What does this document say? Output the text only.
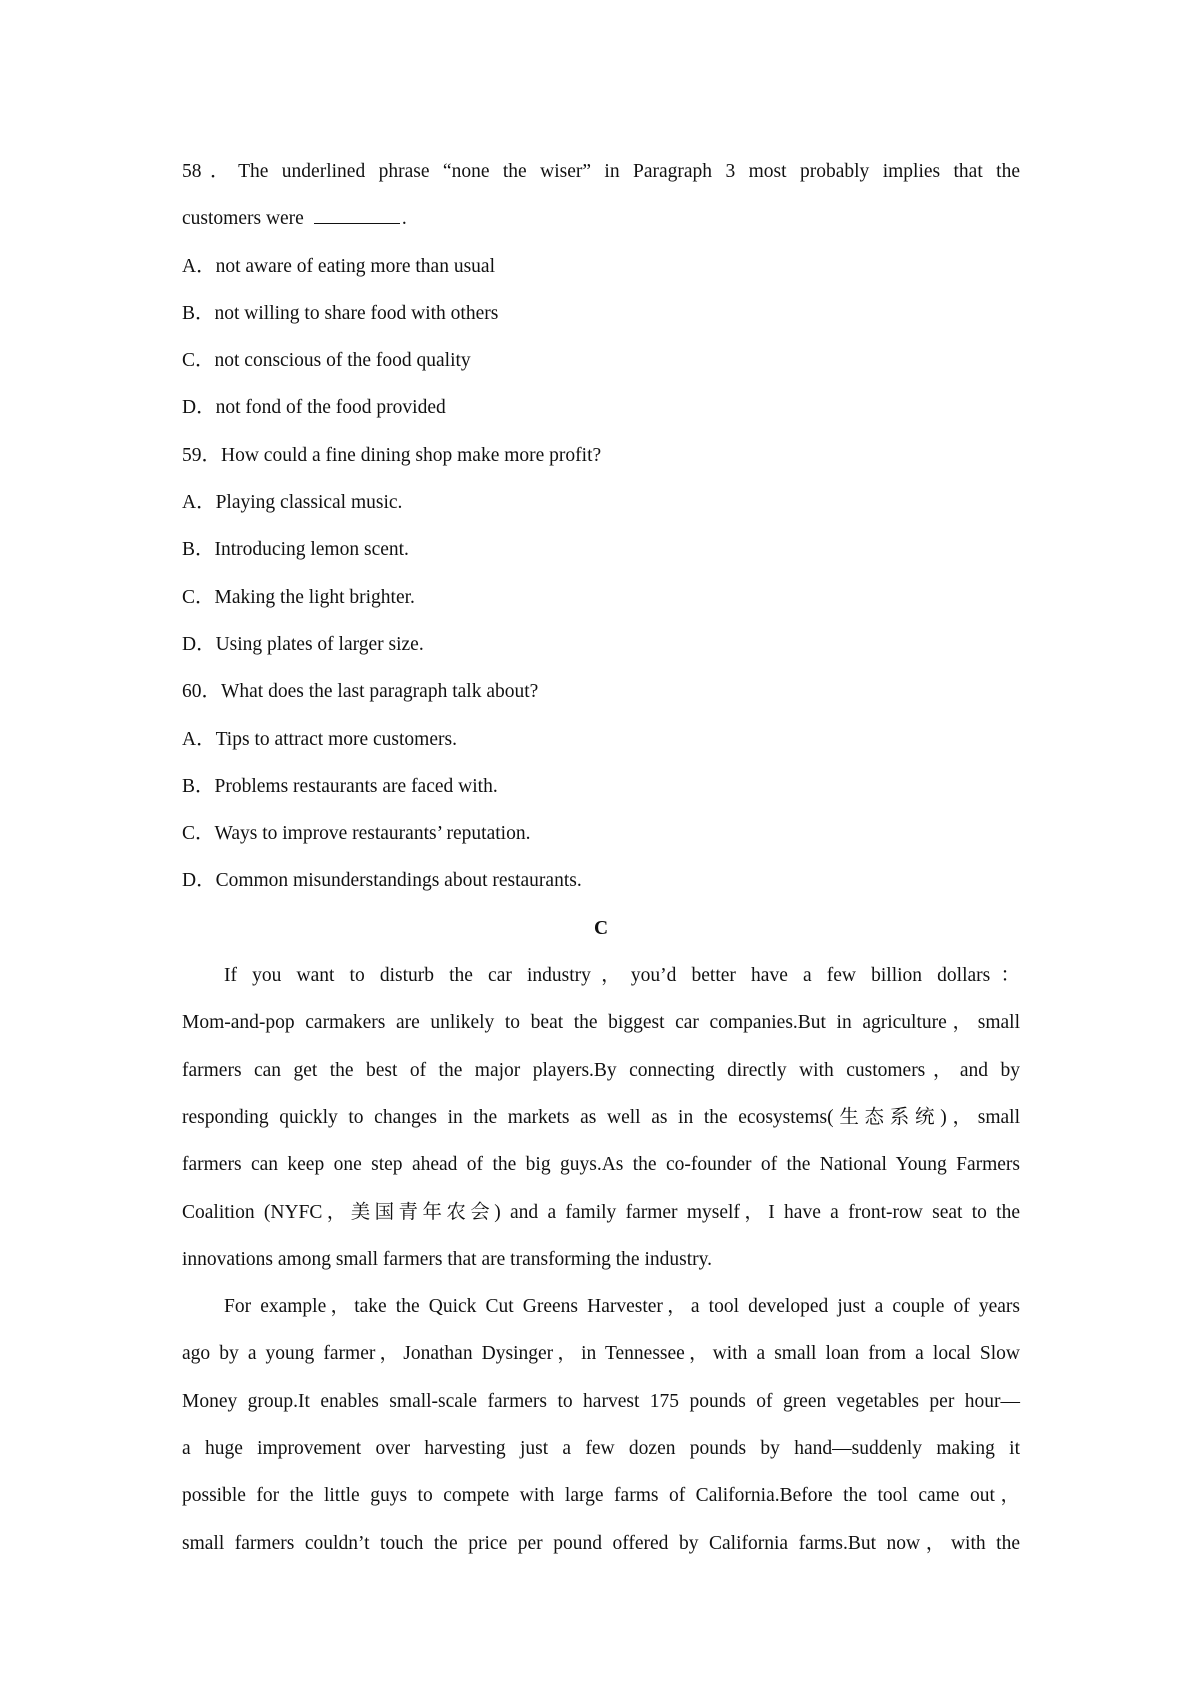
58．The underlined phrase “none the wiser” in Paragraph 3 most probably implies that the
customers were	.
A．not aware of eating more than usual
B．not willing to share food with others
C．not conscious of the food quality
D．not fond of the food provided
59．How could a fine dining shop make more profit?
A．Playing classical music.
B．Introducing lemon scent.
C．Making the light brighter.
D．Using plates of larger size.
60．What does the last paragraph talk about?
A．Tips to attract more customers.
B．Problems restaurants are faced with.
C．Ways to improve restaurants’ reputation.
D．Common misunderstandings about restaurants.
C
If you want to disturb the car industry，you’d better have a few billion dollars：
Mom-and-pop carmakers are unlikely to beat the biggest car companies.But in agriculture，small
farmers can get the best of the major players.By connecting directly with customers，and by
responding quickly to changes in the markets as well as in the ecosystems(生态系统)，small
farmers can keep one step ahead of the big guys.As the co-founder of the National Young Farmers
Coalition (NYFC，美国青年农会) and a family farmer myself，I have a front-row seat to the
innovations among small farmers that are transforming the industry.
For example，take the Quick Cut Greens Harvester，a tool developed just a couple of years
ago by a young farmer，Jonathan Dysinger，in Tennessee，with a small loan from a local Slow
Money group.It enables small-scale farmers to harvest 175 pounds of green vegetables per hour—
a huge improvement over harvesting just a few dozen pounds by hand—suddenly making it
possible for the little guys to compete with large farms of California.Before the tool came out，
small farmers couldn’t touch the price per pound offered by California farms.But now，with the
